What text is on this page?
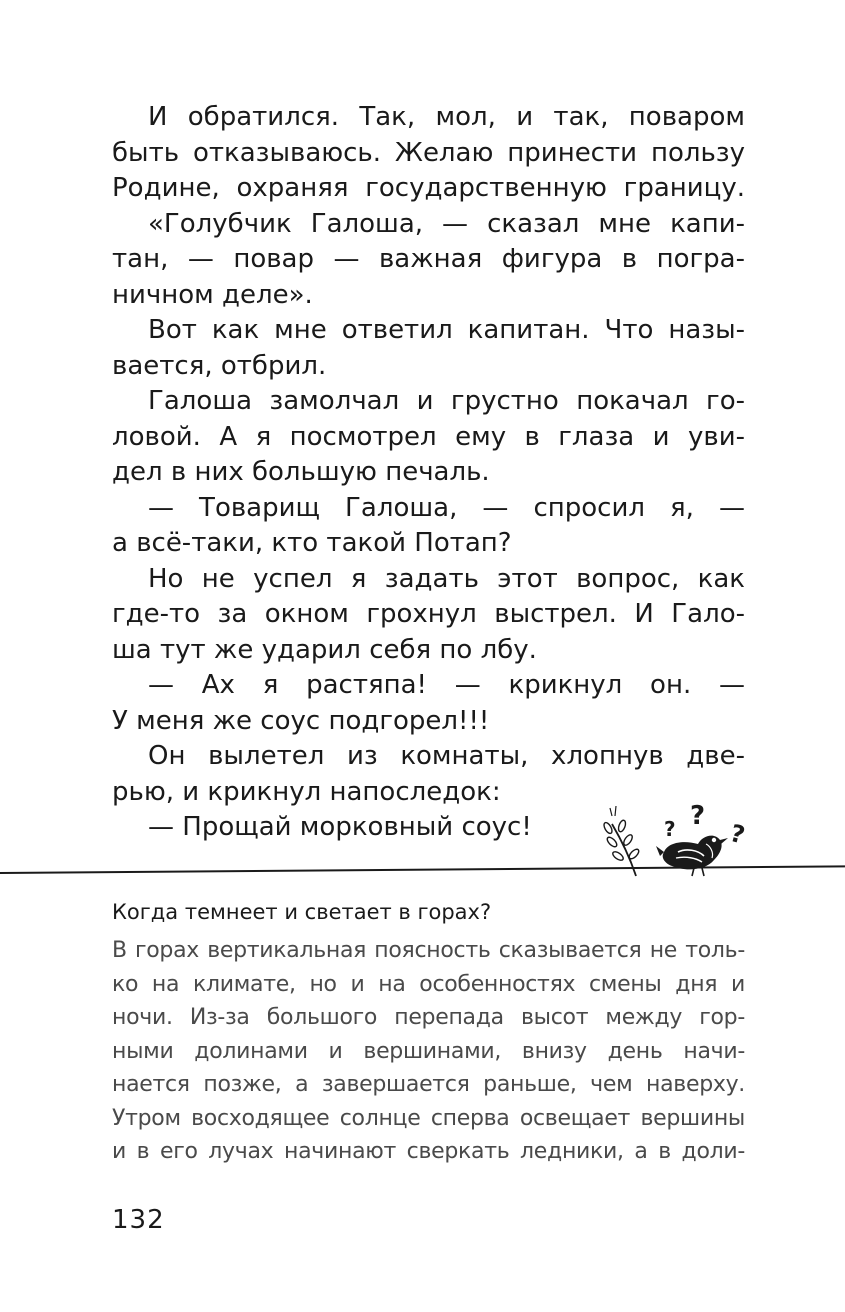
И обратился. Так, мол, и так, поваром
быть отказываюсь. Желаю принести пользу
Родине, охраняя государственную границу.
«Голубчик Галоша, — сказал мне капи-
тан, — повар — важная фигура в погра-
ничном деле».
Вот как мне ответил капитан. Что назы-
вается, отбрил.
Галоша замолчал и грустно покачал го-
ловой. А я посмотрел ему в глаза и уви-
дел в них большую печаль.
— Товарищ Галоша, — спросил я, —
а всё-таки, кто такой Потап?
Но не успел я задать этот вопрос, как
где-то за окном грохнул выстрел. И Гало-
ша тут же ударил себя по лбу.
— Ах я растяпа! — крикнул он. —
У меня же соус подгорел!!!
Он вылетел из комнаты, хлопнув две-
рью, и крикнул напоследок:
— Прощай морковный соус!	? ?
?
Когда темнеет и светает в горах?
В горах вертикальная поясность сказывается не толь-
ко на климате, но и на особенностях смены дня и
ночи. Из-за большого перепада высот между гор-
ными долинами и вершинами, внизу день начи-
нается позже, а завершается раньше, чем наверху.
Утром восходящее солнце сперва освещает вершины
и в его лучах начинают сверкать ледники, а в доли-
132
